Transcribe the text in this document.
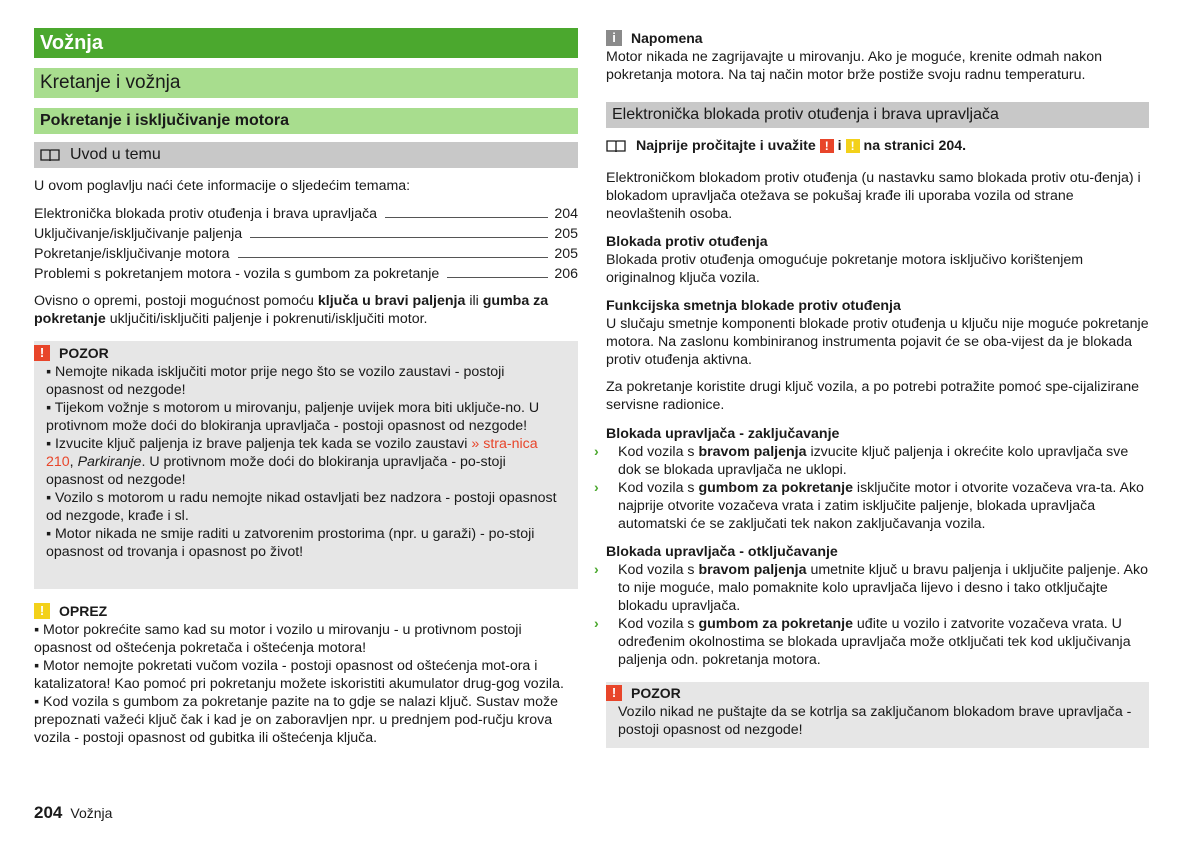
Vožnja
Kretanje i vožnja
Pokretanje i isključivanje motora
Uvod u temu

U ovom poglavlju naći ćete informacije o sljedećim temama:

Elektronička blokada protiv otuđenja i brava upravljača	204
Uključivanje/isključivanje paljenja	205
Pokretanje/isključivanje motora	205
Problemi s pokretanjem motora - vozila s gumbom za pokretanje	206

Ovisno o opremi, postoji mogućnost pomoću ključa u bravi paljenja ili gumba za pokretanje uključiti/isključiti paljenje i pokrenuti/isključiti motor.

!	POZOR
▪ Nemojte nikada isključiti motor prije nego što se vozilo zaustavi - postoji opasnost od nezgode!
▪ Tijekom vožnje s motorom u mirovanju, paljenje uvijek mora biti uključe-no. U protivnom može doći do blokiranja upravljača - postoji opasnost od nezgode!
▪ Izvucite ključ paljenja iz brave paljenja tek kada se vozilo zaustavi » stra-nica 210, Parkiranje. U protivnom može doći do blokiranja upravljača - po-stoji opasnost od nezgode!
▪ Vozilo s motorom u radu nemojte nikad ostavljati bez nadzora - postoji opasnost od nezgode, krađe i sl.
▪ Motor nikada ne smije raditi u zatvorenim prostorima (npr. u garaži) - po-stoji opasnost od trovanja i opasnost po život!
!	OPREZ
▪ Motor pokrećite samo kad su motor i vozilo u mirovanju - u protivnom postoji opasnost od oštećenja pokretača i oštećenja motora!
▪ Motor nemojte pokretati vučom vozila - postoji opasnost od oštećenja mot-ora i katalizatora! Kao pomoć pri pokretanju možete iskoristiti akumulator drug-gog vozila.
▪ Kod vozila s gumbom za pokretanje pazite na to gdje se nalazi ključ. Sustav može prepoznati važeći ključ čak i kad je on zaboravljen npr. u prednjem pod-ručju krova vozila - postoji opasnost od gubitka ili oštećenja ključa.
i	Napomena

Motor nikada ne zagrijavajte u mirovanju. Ako je moguće, krenite odmah nakon pokretanja motora. Na taj način motor brže postiže svoju radnu temperaturu.

Elektronička blokada protiv otuđenja i brava upravljača

Najprije pročitajte i uvažite
!
i
!
na stranici 204.

Elektroničkom blokadom protiv otuđenja (u nastavku samo blokada protiv otu-đenja) i blokadom upravljača otežava se pokušaj krađe ili uporaba vozila od strane neovlaštenih osoba.

Blokada protiv otuđenja

Blokada protiv otuđenja omogućuje pokretanje motora isključivo korištenjem originalnog ključa vozila.

Funkcijska smetnja blokade protiv otuđenja

U slučaju smetnje komponenti blokade protiv otuđenja u ključu nije moguće pokretanje motora. Na zaslonu kombiniranog instrumenta pojavit će se oba-vijest da je blokada protiv otuđenja aktivna.

Za pokretanje koristite drugi ključ vozila, a po potrebi potražite pomoć spe-cijalizirane servisne radionice.

Blokada upravljača - zaključavanje

› Kod vozila s bravom paljenja izvucite ključ paljenja i okrećite kolo upravljača sve dok se blokada upravljača ne uklopi.
› Kod vozila s gumbom za pokretanje isključite motor i otvorite vozačeva vra-ta. Ako najprije otvorite vozačeva vrata i zatim isključite paljenje, blokada upravljača automatski će se zaključati tek nakon zaključavanja vozila.

Blokada upravljača - otključavanje

› Kod vozila s bravom paljenja umetnite ključ u bravu paljenja i uključite paljenje. Ako to nije moguće, malo pomaknite kolo upravljača lijevo i desno i tako otključajte blokadu upravljača.
› Kod vozila s gumbom za pokretanje uđite u vozilo i zatvorite vozačeva vrata. U određenim okolnostima se blokada upravljača može otključati tek kod uključivanja paljenja odn. pokretanja motora.
!	POZOR

Vozilo nikad ne puštajte da se kotrlja sa zaključanom blokadom brave upravljača - postoji opasnost od nezgode!

204 Vožnja
